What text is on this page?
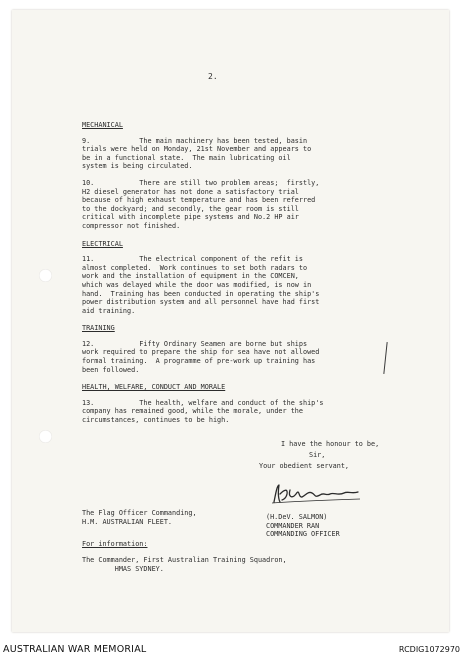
2.

MECHANICAL

9.            The main machinery has been tested, basin
trials were held on Monday, 21st November and appears to
be in a functional state.  The main lubricating oil
system is being circulated.

10.           There are still two problem areas;  firstly,
H2 diesel generator has not done a satisfactory trial
because of high exhaust temperature and has been referred
to the dockyard; and secondly, the gear room is still
critical with incomplete pipe systems and No.2 HP air
compressor not finished.

ELECTRICAL

11.           The electrical component of the refit is
almost completed.  Work continues to set both radars to
work and the installation of equipment in the COMCEN,
which was delayed while the door was modified, is now in
hand.  Training has been conducted in operating the ship's
power distribution system and all personnel have had first
aid training.

TRAINING

12.           Fifty Ordinary Seamen are borne but ships
work required to prepare the ship for sea have not allowed
formal training.  A programme of pre-work up training has
been followed.

HEALTH, WELFARE, CONDUCT AND MORALE

13.           The health, welfare and conduct of the ship's
company has remained good, while the morale, under the
circumstances, continues to be high.

I have the honour to be,
Sir,
Your obedient servant,
The Flag Officer Commanding,
H.M. AUSTRALIAN FLEET.
(H.DeV. SALMON)
COMMANDER RAN
COMMANDING OFFICER
For information:
The Commander, First Australian Training Squadron,
HMAS SYDNEY.
AUSTRALIAN WAR MEMORIAL	RCDIG1072970
